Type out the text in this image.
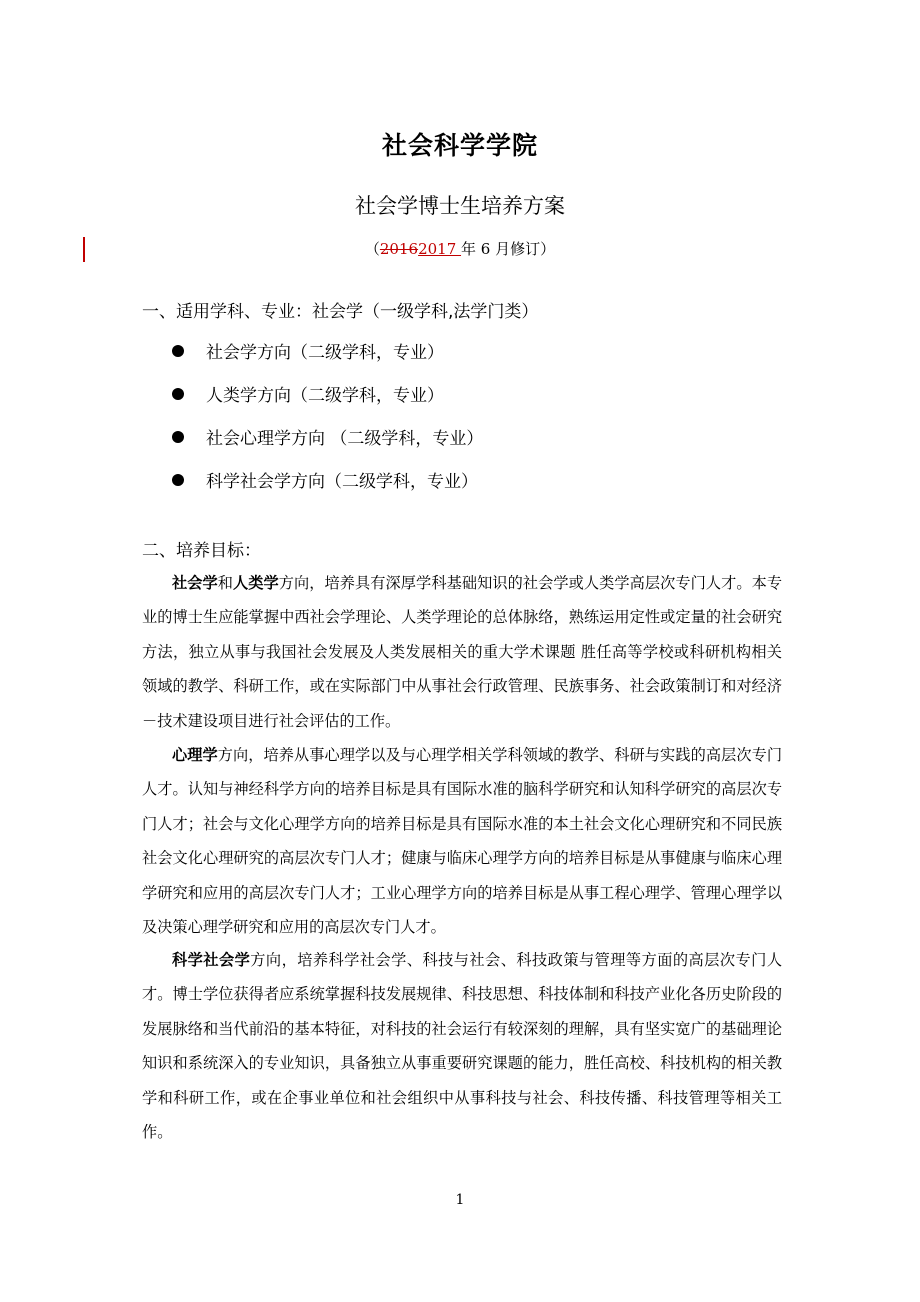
社会科学学院
社会学博士生培养方案
（20162017 年 6 月修订）
一、适用学科、专业：社会学（一级学科,法学门类）
社会学方向（二级学科，专业）
人类学方向（二级学科，专业）
社会心理学方向 （二级学科，专业）
科学社会学方向（二级学科，专业）
二、培养目标：
社会学和人类学方向，培养具有深厚学科基础知识的社会学或人类学高层次专门人才。本专业的博士生应能掌握中西社会学理论、人类学理论的总体脉络，熟练运用定性或定量的社会研究方法，独立从事与我国社会发展及人类发展相关的重大学术课题 胜任高等学校或科研机构相关领域的教学、科研工作，或在实际部门中从事社会行政管理、民族事务、社会政策制订和对经济－技术建设项目进行社会评估的工作。
心理学方向，培养从事心理学以及与心理学相关学科领域的教学、科研与实践的高层次专门人才。认知与神经科学方向的培养目标是具有国际水准的脑科学研究和认知科学研究的高层次专门人才；社会与文化心理学方向的培养目标是具有国际水准的本土社会文化心理研究和不同民族社会文化心理研究的高层次专门人才；健康与临床心理学方向的培养目标是从事健康与临床心理学研究和应用的高层次专门人才；工业心理学方向的培养目标是从事工程心理学、管理心理学以及决策心理学研究和应用的高层次专门人才。
科学社会学方向，培养科学社会学、科技与社会、科技政策与管理等方面的高层次专门人才。博士学位获得者应系统掌握科技发展规律、科技思想、科技体制和科技产业化各历史阶段的发展脉络和当代前沿的基本特征，对科技的社会运行有较深刻的理解，具有坚实宽广的基础理论知识和系统深入的专业知识，具备独立从事重要研究课题的能力，胜任高校、科技机构的相关教学和科研工作，或在企事业单位和社会组织中从事科技与社会、科技传播、科技管理等相关工作。
1
